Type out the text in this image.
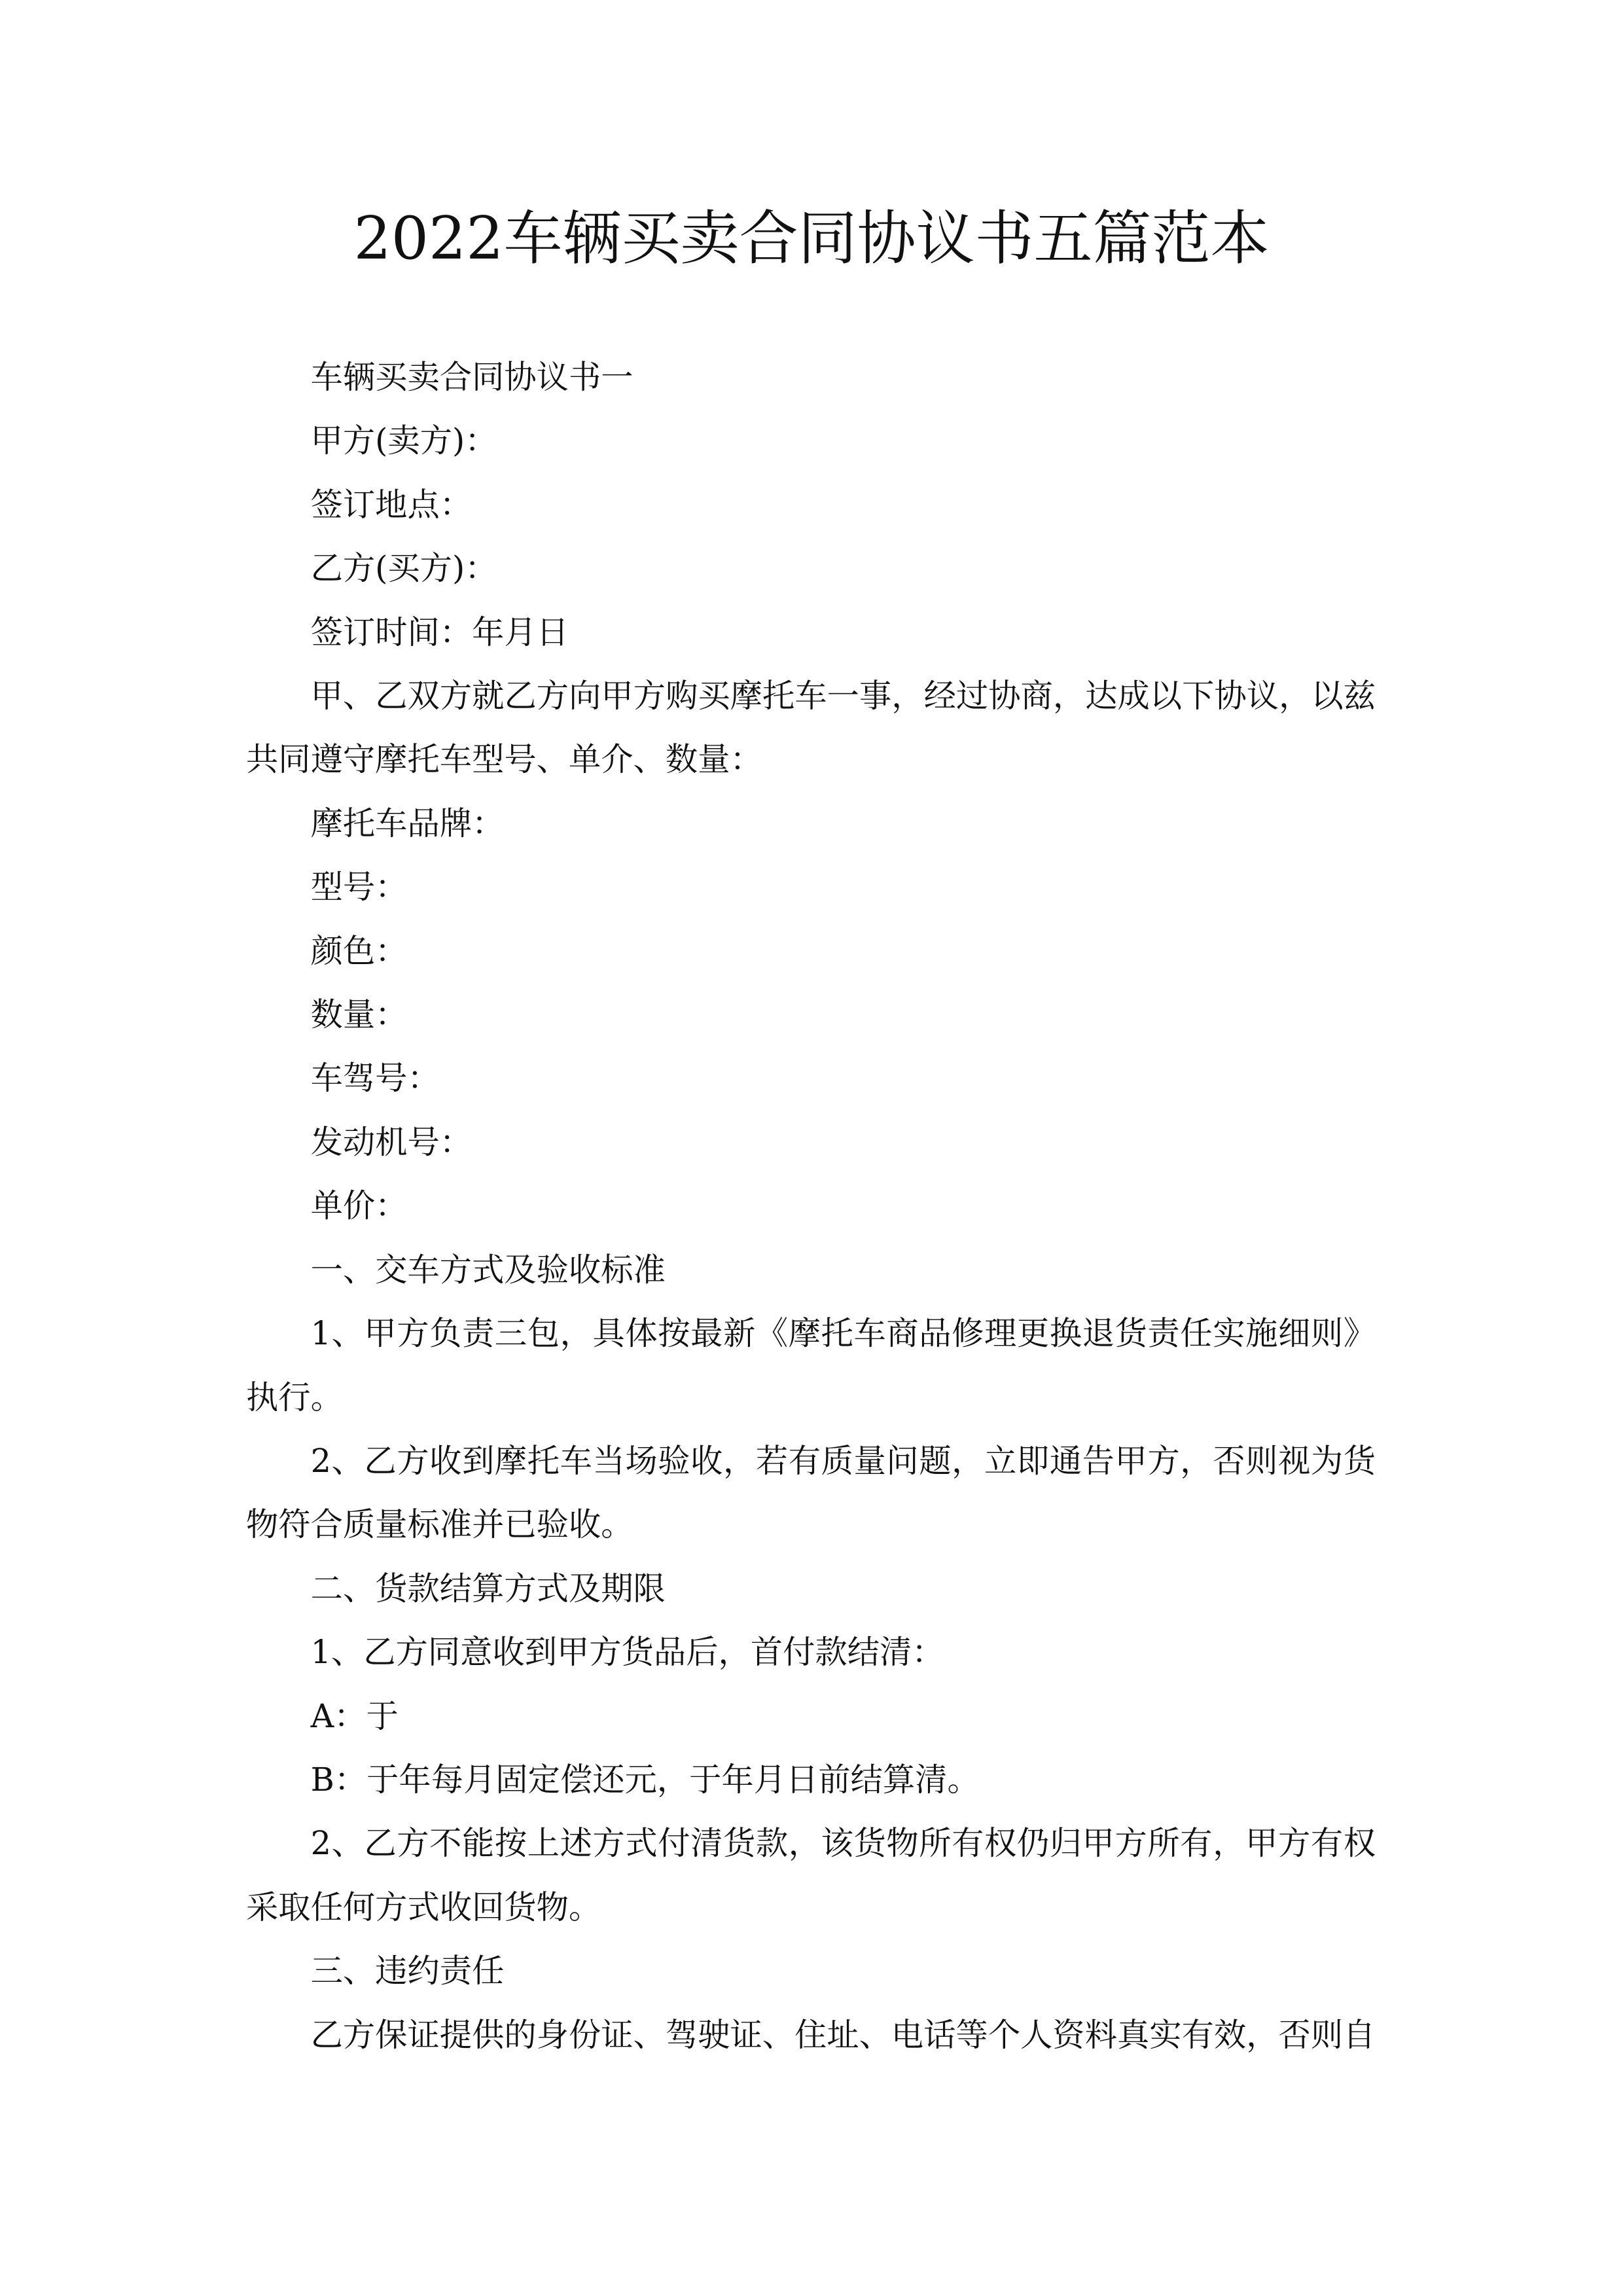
2022车辆买卖合同协议书五篇范本

车辆买卖合同协议书一

甲方(卖方)：

签订地点：

乙方(买方)：

签订时间：年月日

甲、乙双方就乙方向甲方购买摩托车一事，经过协商，达成以下协议，以兹共同遵守摩托车型号、单介、数量：

摩托车品牌：

型号：

颜色：

数量：

车驾号：

发动机号：

单价：

一、交车方式及验收标准

1、甲方负责三包，具体按最新《摩托车商品修理更换退货责任实施细则》执行。

2、乙方收到摩托车当场验收，若有质量问题，立即通告甲方，否则视为货物符合质量标准并已验收。

二、货款结算方式及期限

1、乙方同意收到甲方货品后，首付款结清：

A：于

B：于年每月固定偿还元，于年月日前结算清。

2、乙方不能按上述方式付清货款，该货物所有权仍归甲方所有，甲方有权采取任何方式收回货物。

三、违约责任

乙方保证提供的身份证、驾驶证、住址、电话等个人资料真实有效，否则自
